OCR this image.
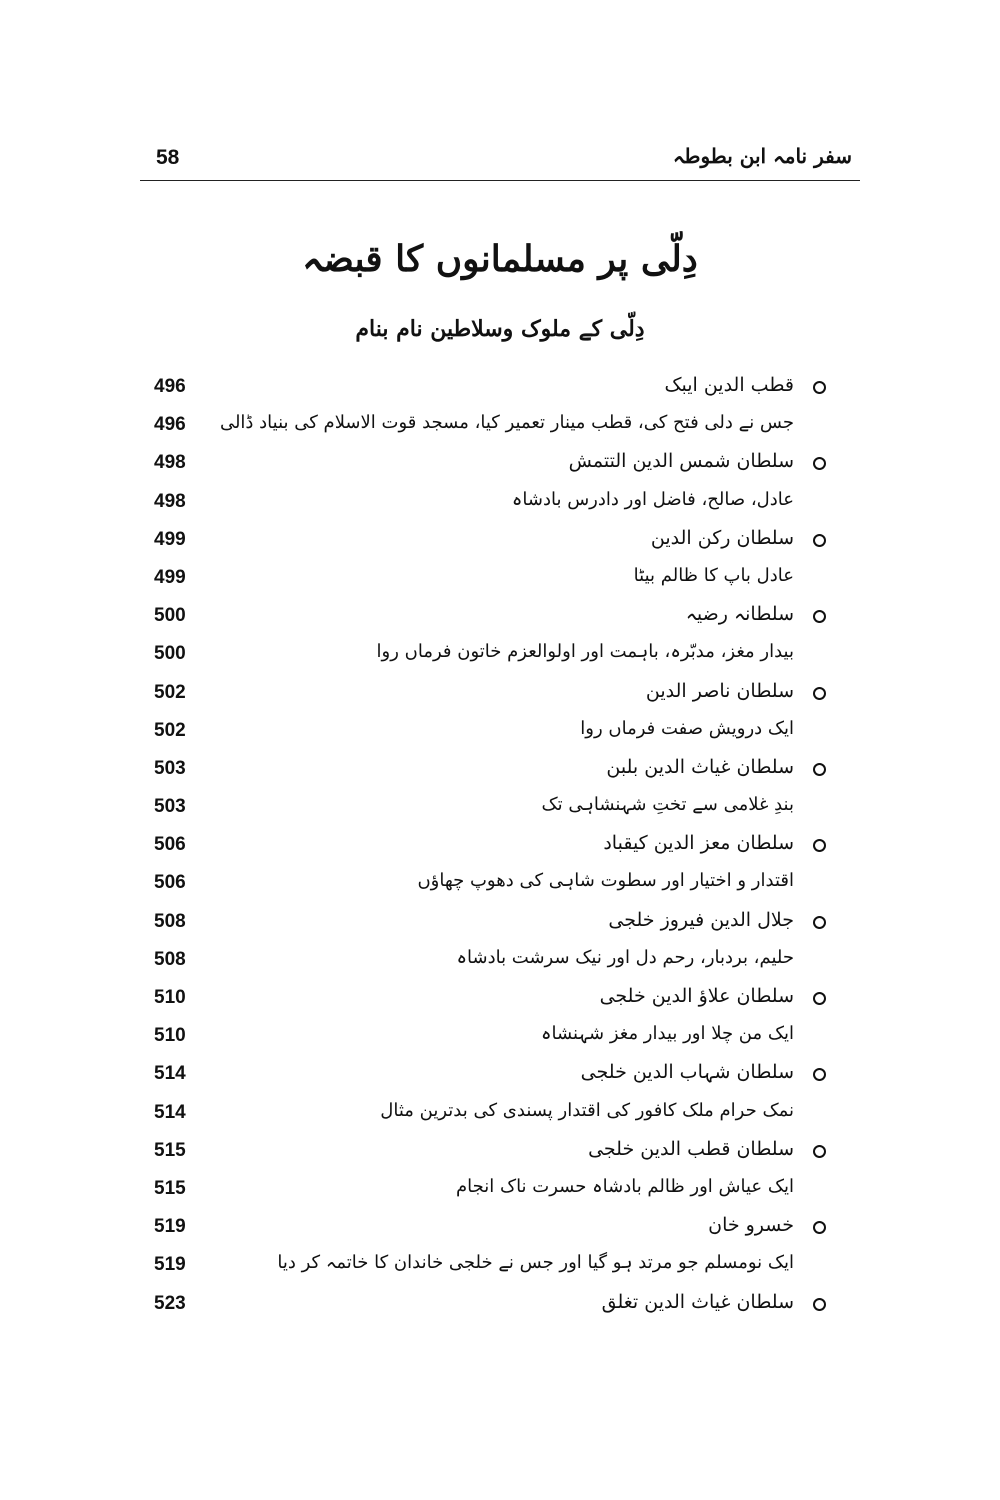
58	سفر نامہ ابن بطوطہ
دِلّی پر مسلمانوں کا قبضہ
دِلّی کے ملوک وسلاطین نام بنام
496	قطب الدین ایبک
496 جس نے دلی فتح کی، قطب مینار تعمیر کیا، مسجد قوت الاسلام کی بنیاد ڈالی
498	سلطان شمس الدین التتمش
498	عادل، صالح، فاضل اور دادرس بادشاہ
499	سلطان رکن الدین
499	عادل باپ کا ظالم بیٹا
500	سلطانہ رضیہ
500	بیدار مغز، مدبّرہ، باہمت اور اولوالعزم خاتون فرماں روا
502	سلطان ناصر الدین
502	ایک درویش صفت فرماں روا
503	سلطان غیاث الدین بلبن
503	بندِ غلامی سے تختِ شہنشاہی تک
506	سلطان معز الدین کیقباد
506	اقتدار و اختیار اور سطوت شاہی کی دھوپ چھاؤں
508	جلال الدین فیروز خلجی
508	حلیم، بردبار، رحم دل اور نیک سرشت بادشاہ
510	سلطان علاؤ الدین خلجی
510	ایک من چلا اور بیدار مغز شہنشاہ
514	سلطان شہاب الدین خلجی
514	نمک حرام ملک کافور کی اقتدار پسندی کی بدترین مثال
515	سلطان قطب الدین خلجی
515	ایک عیاش اور ظالم بادشاہ حسرت ناک انجام
519	خسرو خان
519	ایک نومسلم جو مرتد ہو گیا اور جس نے خلجی خاندان کا خاتمہ کر دیا
523	سلطان غیاث الدین تغلق
